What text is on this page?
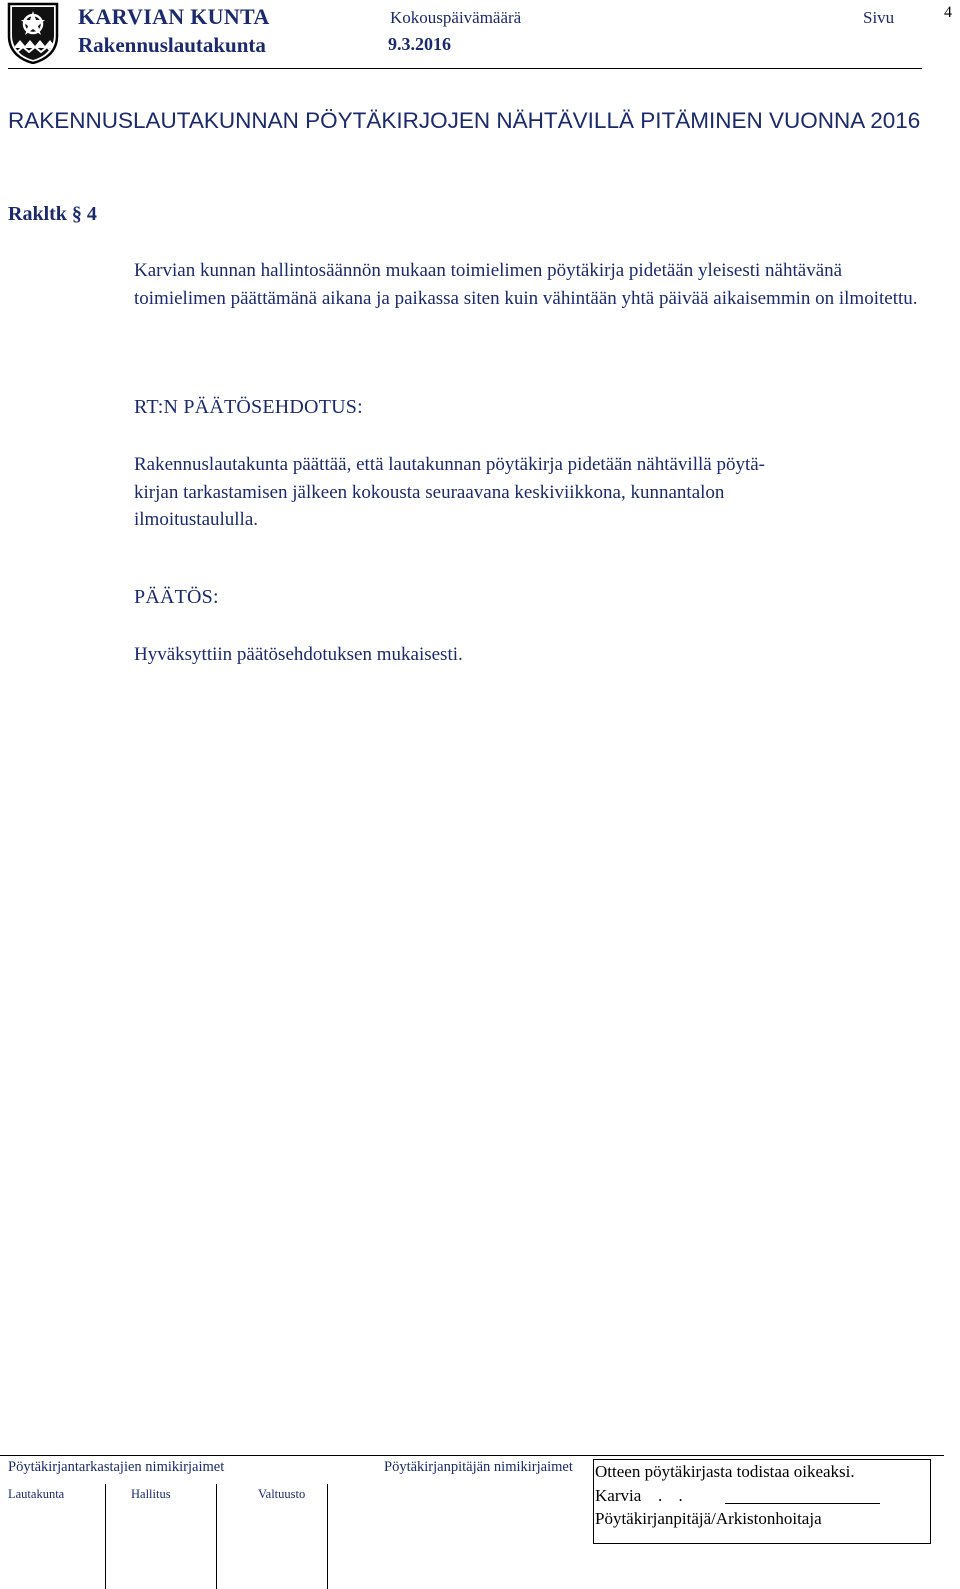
KARVIAN KUNTA
Rakennuslautakunta
Kokouspäivämäärä
9.3.2016
Sivu	4
RAKENNUSLAUTAKUNNAN PÖYTÄKIRJOJEN NÄHTÄVILLÄ PITÄMINEN VUONNA 2016
Rakltk § 4
Karvian kunnan hallintosäännön mukaan toimielimen pöytäkirja pidetään yleisesti nähtävänä toimielimen päättämänä aikana ja paikassa siten kuin vähintään yhtä päivää aikaisemmin on ilmoitettu.
RT:N PÄÄTÖSEHDOTUS:
Rakennuslautakunta päättää, että lautakunnan pöytäkirja pidetään nähtävillä pöytä-
kirjan tarkastamisen jälkeen kokousta seuraavana keskiviikkona, kunnantalon
ilmoitustaululla.
PÄÄTÖS:
Hyväksyttiin päätösehdotuksen mukaisesti.
Pöytäkirjantarkastajien nimikirjaimet	Pöytäkirjanpitäjän nimikirjaimet
Lautakunta	Hallitus	Valtuusto
Otteen pöytäkirjasta todistaa oikeaksi.
Karvia . .
Pöytäkirjanpitäjä/Arkistonhoitaja
